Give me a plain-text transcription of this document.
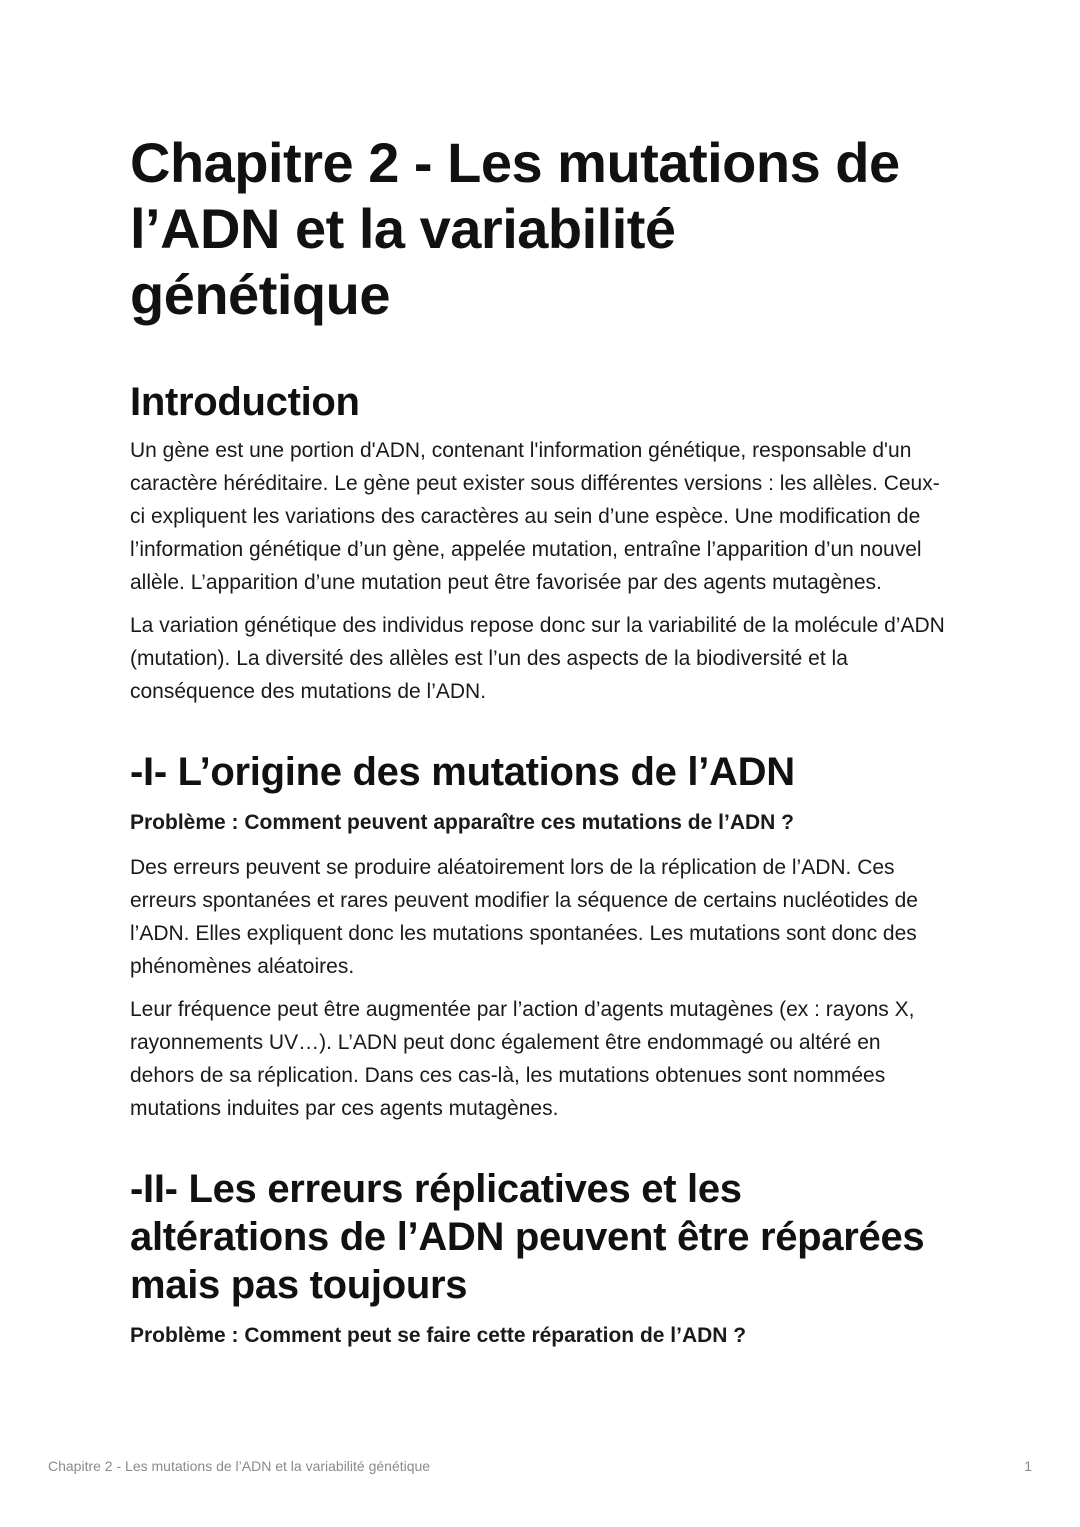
Chapitre 2 - Les mutations de l’ADN et la variabilité génétique
Introduction

Un gène est une portion d'ADN, contenant l'information génétique, responsable d'un caractère héréditaire. Le gène peut exister sous différentes versions : les allèles. Ceux-ci expliquent les variations des caractères au sein d’une espèce. Une modification de l’information génétique d’un gène, appelée mutation, entraîne l’apparition d’un nouvel allèle. L’apparition d’une mutation peut être favorisée par des agents mutagènes.

La variation génétique des individus repose donc sur la variabilité de la molécule d’ADN (mutation). La diversité des allèles est l’un des aspects de la biodiversité et la conséquence des mutations de l’ADN.

-I- L’origine des mutations de l’ADN

Problème : Comment peuvent apparaître ces mutations de l’ADN ?

Des erreurs peuvent se produire aléatoirement lors de la réplication de l’ADN. Ces erreurs spontanées et rares peuvent modifier la séquence de certains nucléotides de l’ADN. Elles expliquent donc les mutations spontanées. Les mutations sont donc des phénomènes aléatoires.

Leur fréquence peut être augmentée par l’action d’agents mutagènes (ex : rayons X, rayonnements UV…). L’ADN peut donc également être endommagé ou altéré en dehors de sa réplication. Dans ces cas-là, les mutations obtenues sont nommées mutations induites par ces agents mutagènes.

-II- Les erreurs réplicatives et les altérations de l’ADN peuvent être réparées mais pas toujours

Problème : Comment peut se faire cette réparation de l’ADN ?

Chapitre 2 - Les mutations de l’ADN et la variabilité génétique	1
